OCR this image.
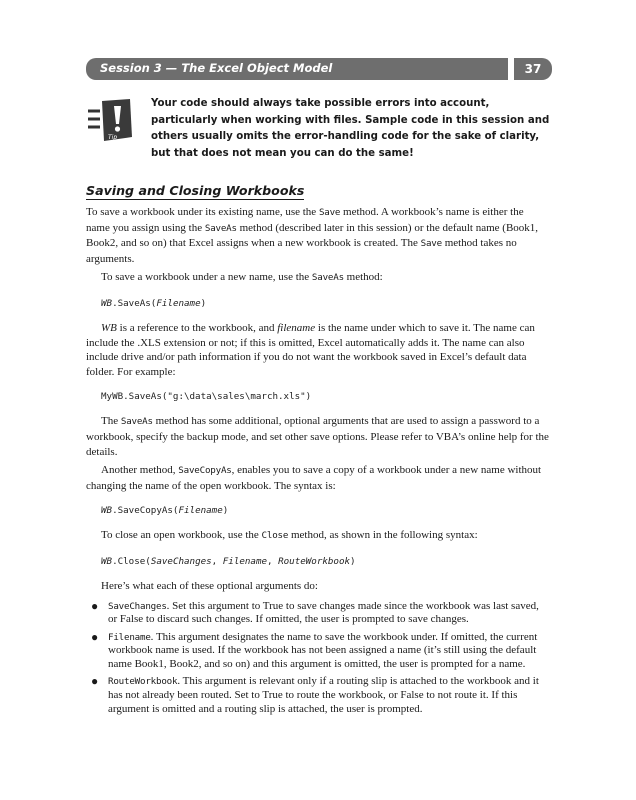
Session 3 — The Excel Object Model	37
Tip
Your code should always take possible errors into account, particularly when working with files. Sample code in this session and others usually omits the error-handling code for the sake of clarity, but that does not mean you can do the same!
Saving and Closing Workbooks

To save a workbook under its existing name, use the Save method. A workbook’s name is either the name you assign using the SaveAs method (described later in this session) or the default name (Book1, Book2, and so on) that Excel assigns when a new workbook is created. The Save method takes no arguments.

To save a workbook under a new name, use the SaveAs method:

WB.SaveAs(Filename)

WB is a reference to the workbook, and filename is the name under which to save it. The name can include the .XLS extension or not; if this is omitted, Excel automatically adds it. The name can also include drive and/or path information if you do not want the workbook saved in Excel’s default data folder. For example:

MyWB.SaveAs("g:\data\sales\march.xls")

The SaveAs method has some additional, optional arguments that are used to assign a password to a workbook, specify the backup mode, and set other save options. Please refer to VBA’s online help for the details.

Another method, SaveCopyAs, enables you to save a copy of a workbook under a new name without changing the name of the open workbook. The syntax is:

WB.SaveCopyAs(Filename)

To close an open workbook, use the Close method, as shown in the following syntax:

WB.Close(SaveChanges, Filename, RouteWorkbook)

Here’s what each of these optional arguments do:

● SaveChanges. Set this argument to True to save changes made since the workbook was last saved, or False to discard such changes. If omitted, the user is prompted to save changes.
● Filename. This argument designates the name to save the workbook under. If omitted, the current workbook name is used. If the workbook has not been assigned a name (it’s still using the default name Book1, Book2, and so on) and this argument is omitted, the user is prompted for a name.
● RouteWorkbook. This argument is relevant only if a routing slip is attached to the workbook and it has not already been routed. Set to True to route the workbook, or False to not route it. If this argument is omitted and a routing slip is attached, the user is prompted.
